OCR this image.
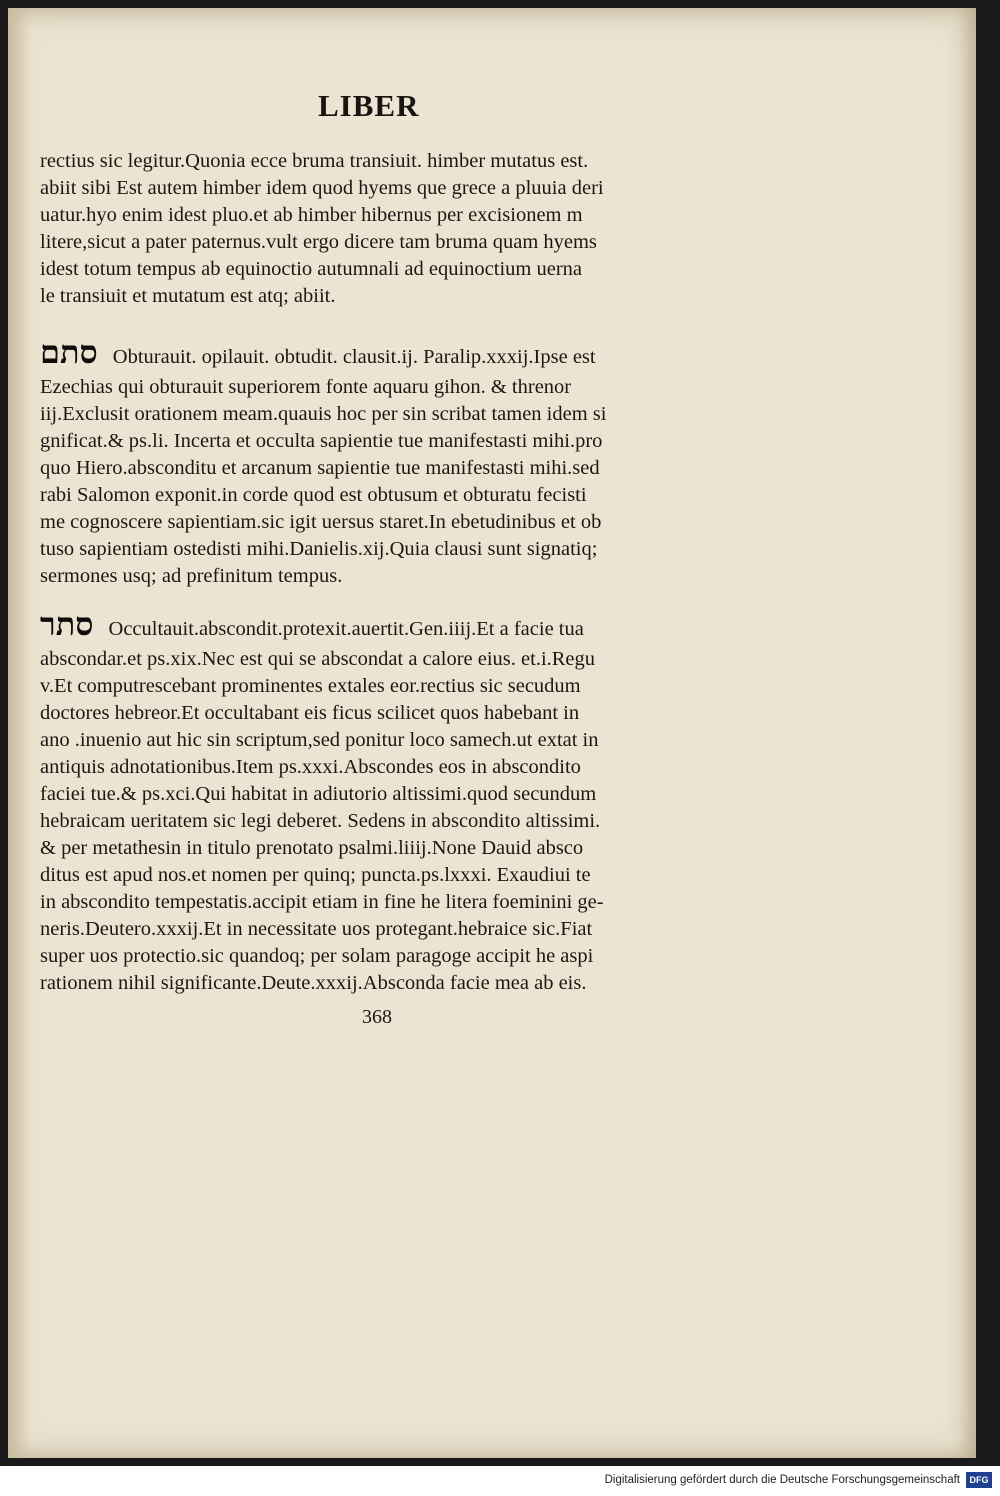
LIBER
rectius sic legitur.Quonia ecce bruma transiuit. himber mutatus est.
abiit sibi Est autem himber idem quod hyems que grece a pluuia deri
uatur.hyo enim idest pluo.et ab himber hibernus per excisionem m
litere,sicut a pater paternus.vult ergo dicere tam bruma quam hyems
idest totum tempus ab equinoctio autumnali ad equinoctium uerna
le transiuit et mutatum est atq; abiit.
סתם Obturauit. opilauit. obtudit. clausit.ij. Paralip.xxxij.Ipse est
Ezechias qui obturauit superiorem fonte aquaru gihon. & threnor
iij.Exclusit orationem meam.quauis hoc per sin scribat tamen idem si
gnificat.& ps.li. Incerta et occulta sapientie tue manifestasti mihi.pro
quo Hiero.absconditu et arcanum sapientie tue manifestasti mihi.sed
rabi Salomon exponit.in corde quod est obtusum et obturatu fecisti
me cognoscere sapientiam.sic igit uersus staret.In ebetudinibus et ob
tuso sapientiam ostedisti mihi.Danielis.xij.Quia clausi sunt signatiq;
sermones usq; ad prefinitum tempus.
סתר Occultauit.abscondit.protexit.auertit.Gen.iiij.Et a facie tua
abscondar.et ps.xix.Nec est qui se abscondat a calore eius. et.i.Regu
v.Et computrescebant prominentes extales eor.rectius sic secudum
doctores hebreor.Et occultabant eis ficus scilicet quos habebant in
ano .inuenio aut hic sin scriptum,sed ponitur loco samech.ut extat in
antiquis adnotationibus.Item ps.xxxi.Abscondes eos in abscondito
faciei tue.& ps.xci.Qui habitat in adiutorio altissimi.quod secundum
hebraicam ueritatem sic legi deberet. Sedens in abscondito altissimi.
& per metathesin in titulo prenotato psalmi.liiij.None Dauid absco
ditus est apud nos.et nomen per quinq; puncta.ps.lxxxi. Exaudiui te
in abscondito tempestatis.accipit etiam in fine he litera foeminini ge-
neris.Deutero.xxxij.Et in necessitate uos protegant.hebraice sic.Fiat
super uos protectio.sic quandoq; per solam paragoge accipit he aspi
rationem nihil significante.Deute.xxxij.Absconda facie mea ab eis.
368
Digitalisierung gefördert durch die Deutsche Forschungsgemeinschaft	DFG
